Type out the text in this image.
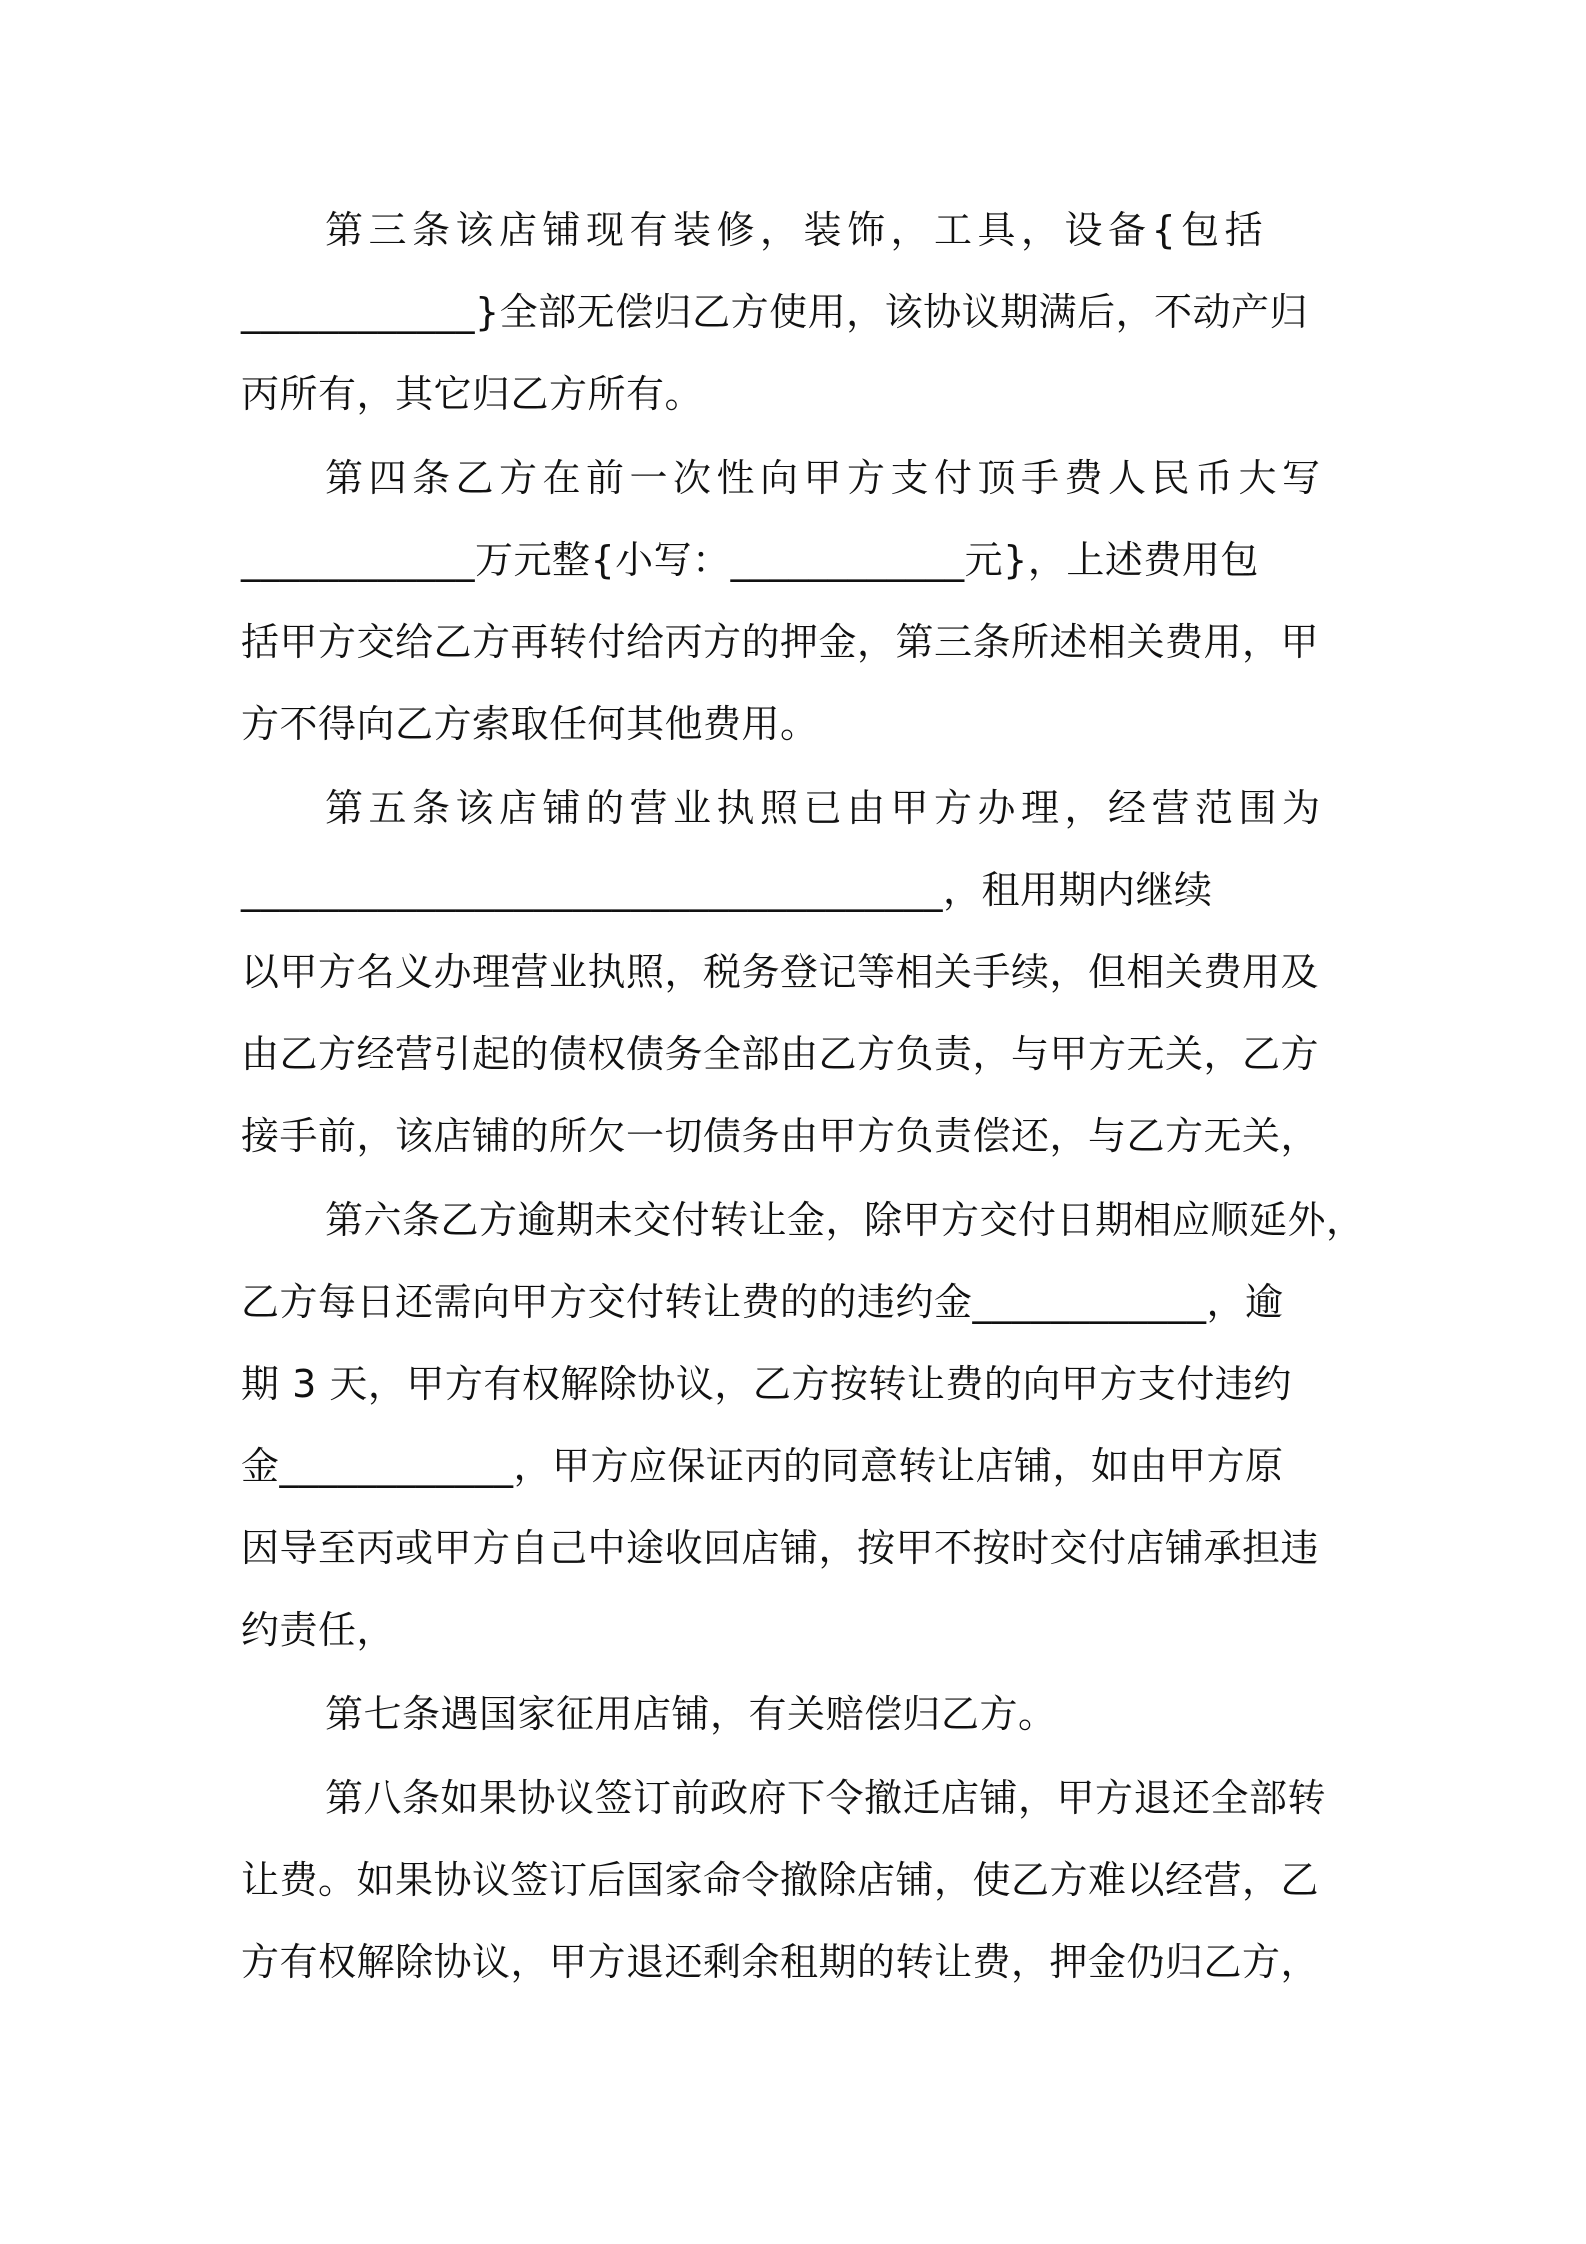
第三条该店铺现有装修，装饰，工具，设备{包括
____________}全部无偿归乙方使用，该协议期满后，不动产归
丙所有，其它归乙方所有。
第四条乙方在前一次性向甲方支付顶手费人民币大写
____________万元整{小写：____________元}，上述费用包
括甲方交给乙方再转付给丙方的押金，第三条所述相关费用，甲
方不得向乙方索取任何其他费用。
第五条该店铺的营业执照已由甲方办理，经营范围为
____________________________________，租用期内继续
以甲方名义办理营业执照，税务登记等相关手续，但相关费用及
由乙方经营引起的债权债务全部由乙方负责，与甲方无关，乙方
接手前，该店铺的所欠一切债务由甲方负责偿还，与乙方无关，
第六条乙方逾期未交付转让金，除甲方交付日期相应顺延外，
乙方每日还需向甲方交付转让费的的违约金____________，逾
期 3 天，甲方有权解除协议，乙方按转让费的向甲方支付违约
金____________，甲方应保证丙的同意转让店铺，如由甲方原
因导至丙或甲方自己中途收回店铺，按甲不按时交付店铺承担违
约责任，
第七条遇国家征用店铺，有关赔偿归乙方。
第八条如果协议签订前政府下令撤迁店铺，甲方退还全部转
让费。如果协议签订后国家命令撤除店铺，使乙方难以经营，乙
方有权解除协议，甲方退还剩余租期的转让费，押金仍归乙方，
